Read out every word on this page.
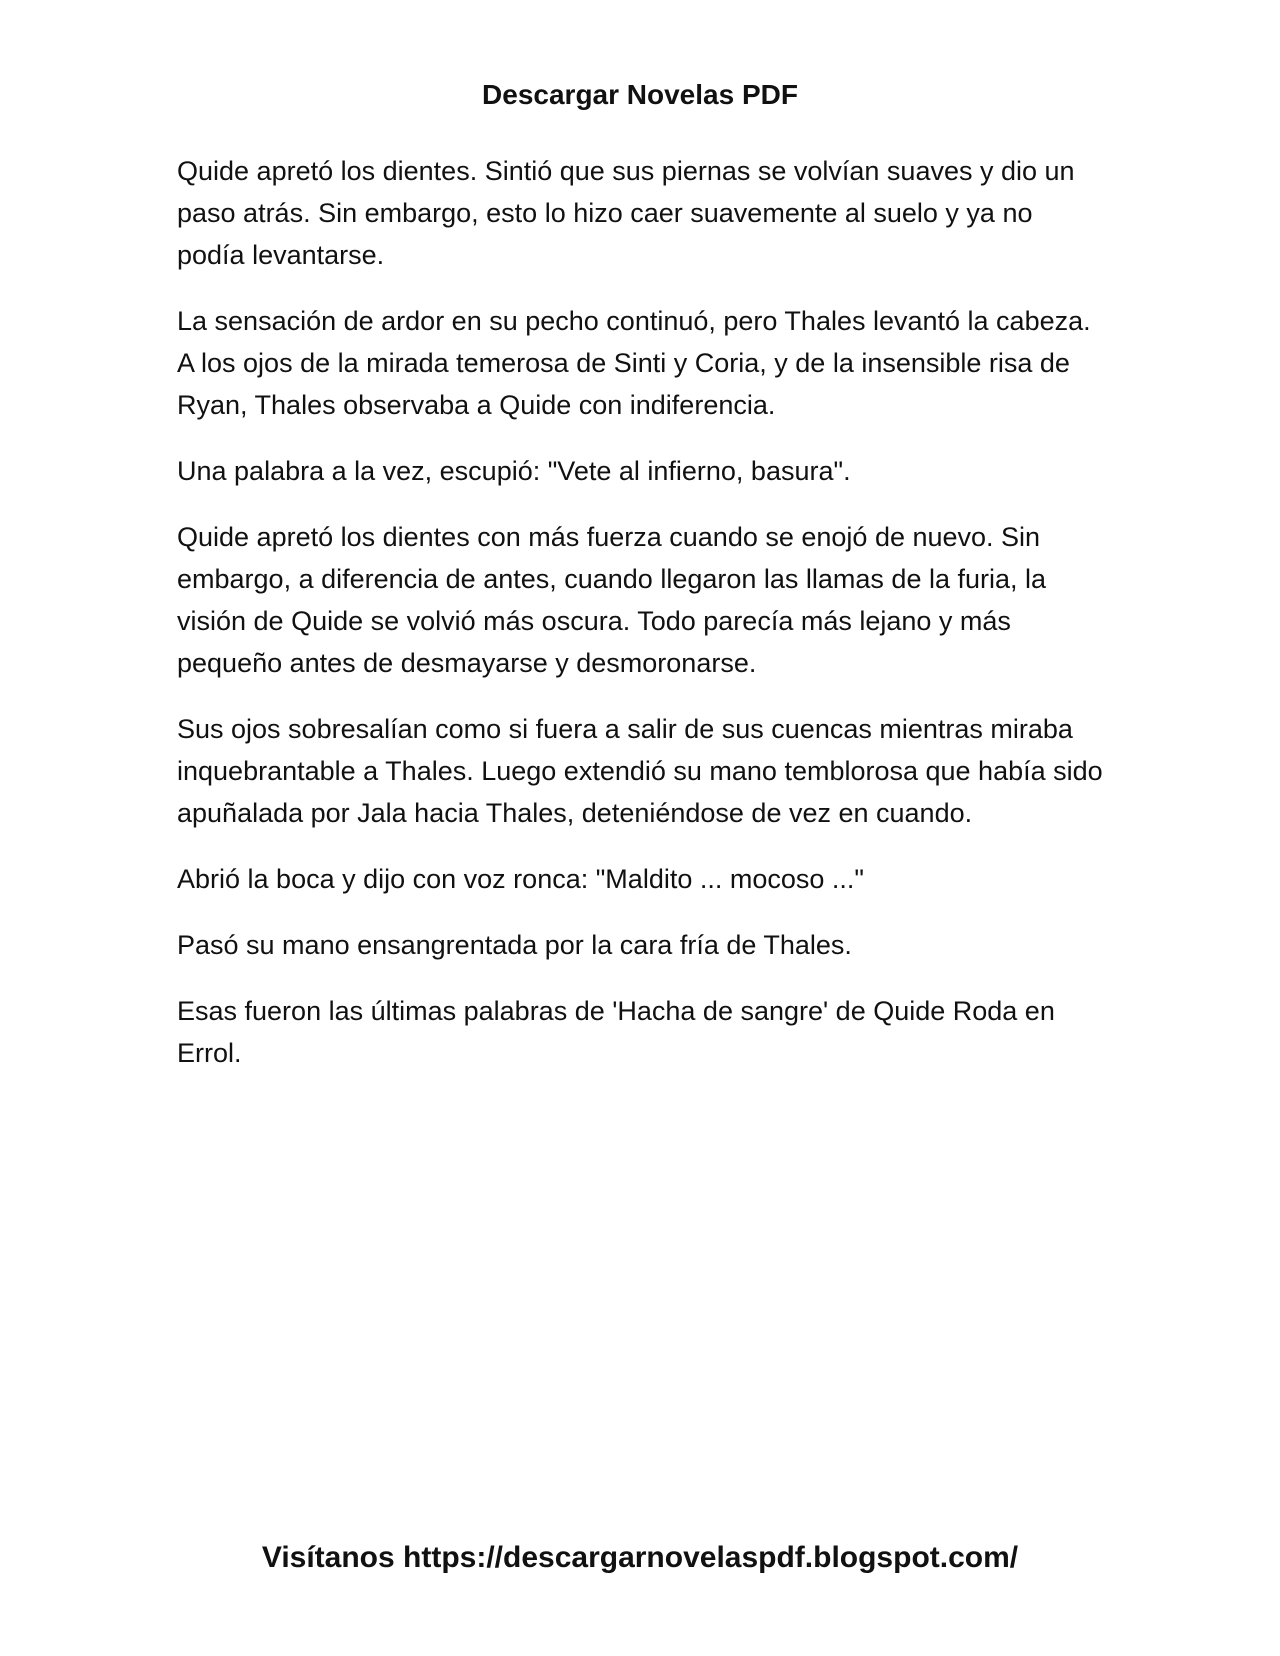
Descargar Novelas PDF

Quide apretó los dientes. Sintió que sus piernas se volvían suaves y dio un paso atrás. Sin embargo, esto lo hizo caer suavemente al suelo y ya no podía levantarse.

La sensación de ardor en su pecho continuó, pero Thales levantó la cabeza. A los ojos de la mirada temerosa de Sinti y Coria, y de la insensible risa de Ryan, Thales observaba a Quide con indiferencia.

Una palabra a la vez, escupió: "Vete al infierno, basura".

Quide apretó los dientes con más fuerza cuando se enojó de nuevo. Sin embargo, a diferencia de antes, cuando llegaron las llamas de la furia, la visión de Quide se volvió más oscura. Todo parecía más lejano y más pequeño antes de desmayarse y desmoronarse.

Sus ojos sobresalían como si fuera a salir de sus cuencas mientras miraba inquebrantable a Thales. Luego extendió su mano temblorosa que había sido apuñalada por Jala hacia Thales, deteniéndose de vez en cuando.

Abrió la boca y dijo con voz ronca: "Maldito ... mocoso ..."

Pasó su mano ensangrentada por la cara fría de Thales.

Esas fueron las últimas palabras de 'Hacha de sangre' de Quide Roda en Errol.

Visítanos https://descargarnovelaspdf.blogspot.com/
